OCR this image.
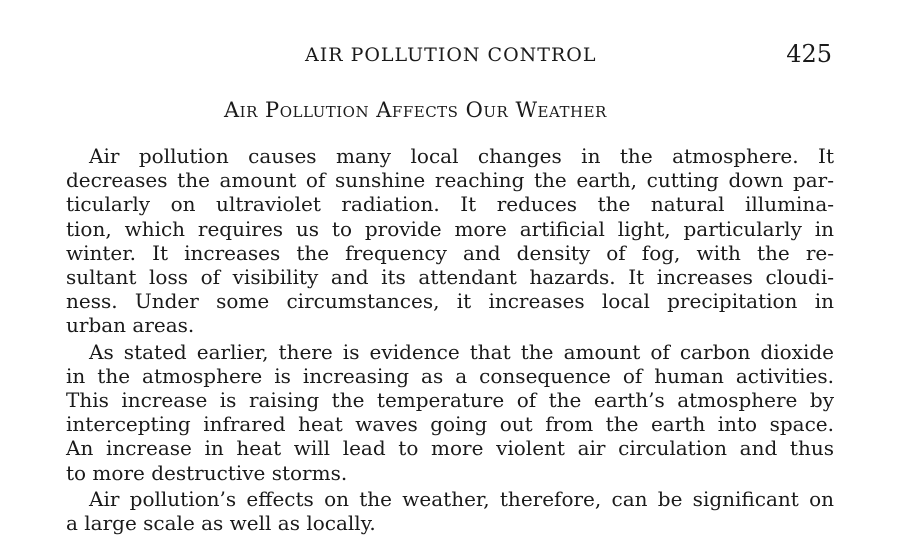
AIR POLLUTION CONTROL	425
Air Pollution Affects Our Weather

Air pollution causes many local changes in the atmosphere. It
decreases the amount of sunshine reaching the earth, cutting down par-
ticularly on ultraviolet radiation. It reduces the natural illumina-
tion, which requires us to provide more artificial light, particularly in
winter. It increases the frequency and density of fog, with the re-
sultant loss of visibility and its attendant hazards. It increases cloudi-
ness. Under some circumstances, it increases local precipitation in
urban areas.

As stated earlier, there is evidence that the amount of carbon dioxide
in the atmosphere is increasing as a consequence of human activities.
This increase is raising the temperature of the earth’s atmosphere by
intercepting infrared heat waves going out from the earth into space.
An increase in heat will lead to more violent air circulation and thus
to more destructive storms.

Air pollution’s effects on the weather, therefore, can be significant on
a large scale as well as locally.
